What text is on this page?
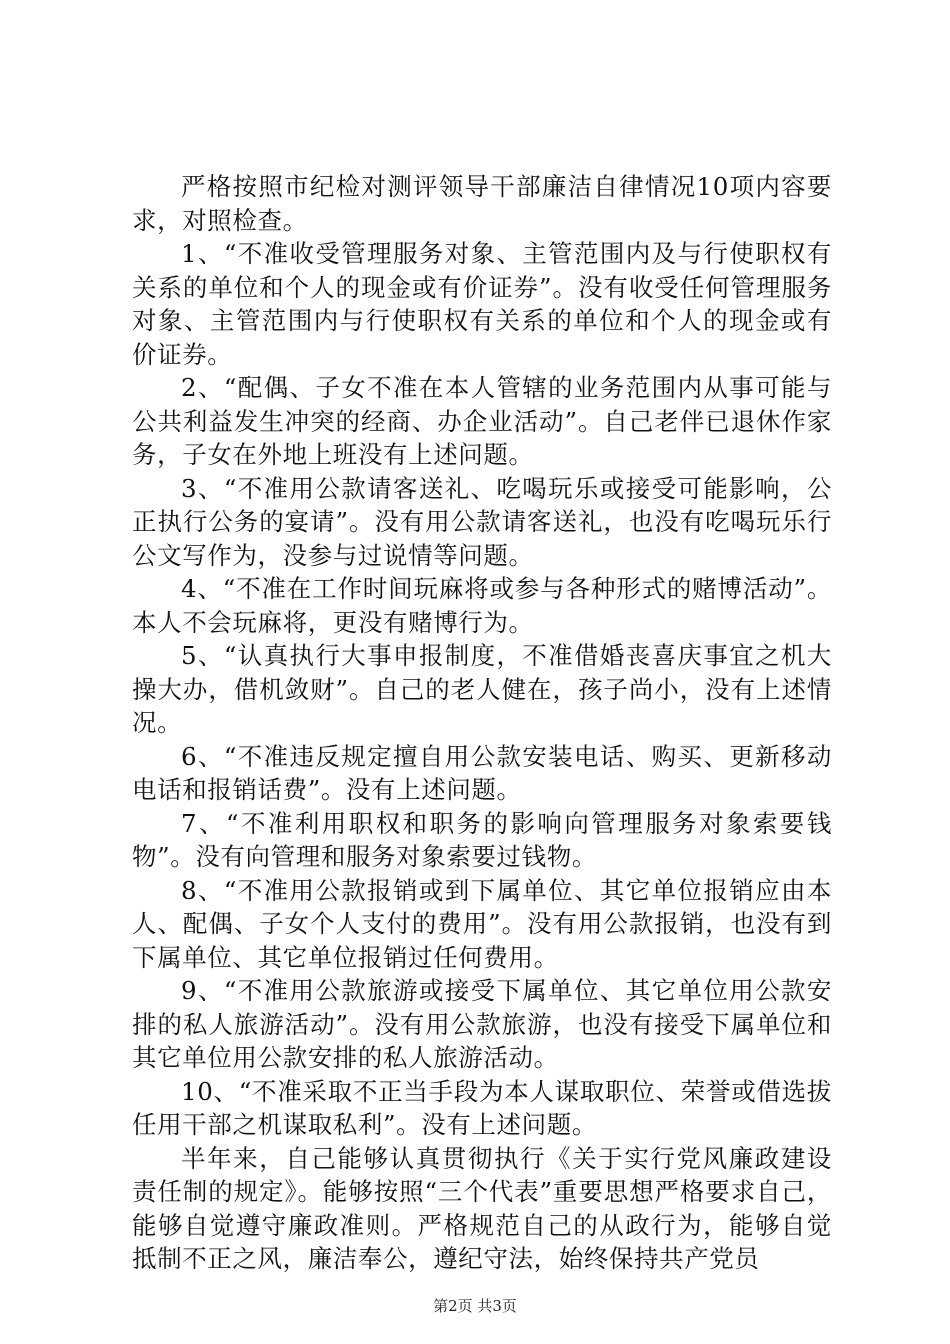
严格按照市纪检对测评领导干部廉洁自律情况10项内容要求，对照检查。

1、“不准收受管理服务对象、主管范围内及与行使职权有关系的单位和个人的现金或有价证券”。没有收受任何管理服务对象、主管范围内与行使职权有关系的单位和个人的现金或有价证券。

2、“配偶、子女不准在本人管辖的业务范围内从事可能与公共利益发生冲突的经商、办企业活动”。自己老伴已退休作家务，子女在外地上班没有上述问题。

3、“不准用公款请客送礼、吃喝玩乐或接受可能影响，公正执行公务的宴请”。没有用公款请客送礼，也没有吃喝玩乐行公文写作为，没参与过说情等问题。

4、“不准在工作时间玩麻将或参与各种形式的赌博活动”。本人不会玩麻将，更没有赌博行为。

5、“认真执行大事申报制度，不准借婚丧喜庆事宜之机大操大办，借机敛财”。自己的老人健在，孩子尚小，没有上述情况。

6、“不准违反规定擅自用公款安装电话、购买、更新移动电话和报销话费”。没有上述问题。

7、“不准利用职权和职务的影响向管理服务对象索要钱物”。没有向管理和服务对象索要过钱物。

8、“不准用公款报销或到下属单位、其它单位报销应由本人、配偶、子女个人支付的费用”。没有用公款报销，也没有到下属单位、其它单位报销过任何费用。

9、“不准用公款旅游或接受下属单位、其它单位用公款安排的私人旅游活动”。没有用公款旅游，也没有接受下属单位和其它单位用公款安排的私人旅游活动。

10、“不准采取不正当手段为本人谋取职位、荣誉或借选拔任用干部之机谋取私利”。没有上述问题。

半年来，自己能够认真贯彻执行《关于实行党风廉政建设责任制的规定》。能够按照“三个代表”重要思想严格要求自己，能够自觉遵守廉政准则。严格规范自己的从政行为，能够自觉抵制不正之风，廉洁奉公，遵纪守法，始终保持共产党员

第2页 共3页
